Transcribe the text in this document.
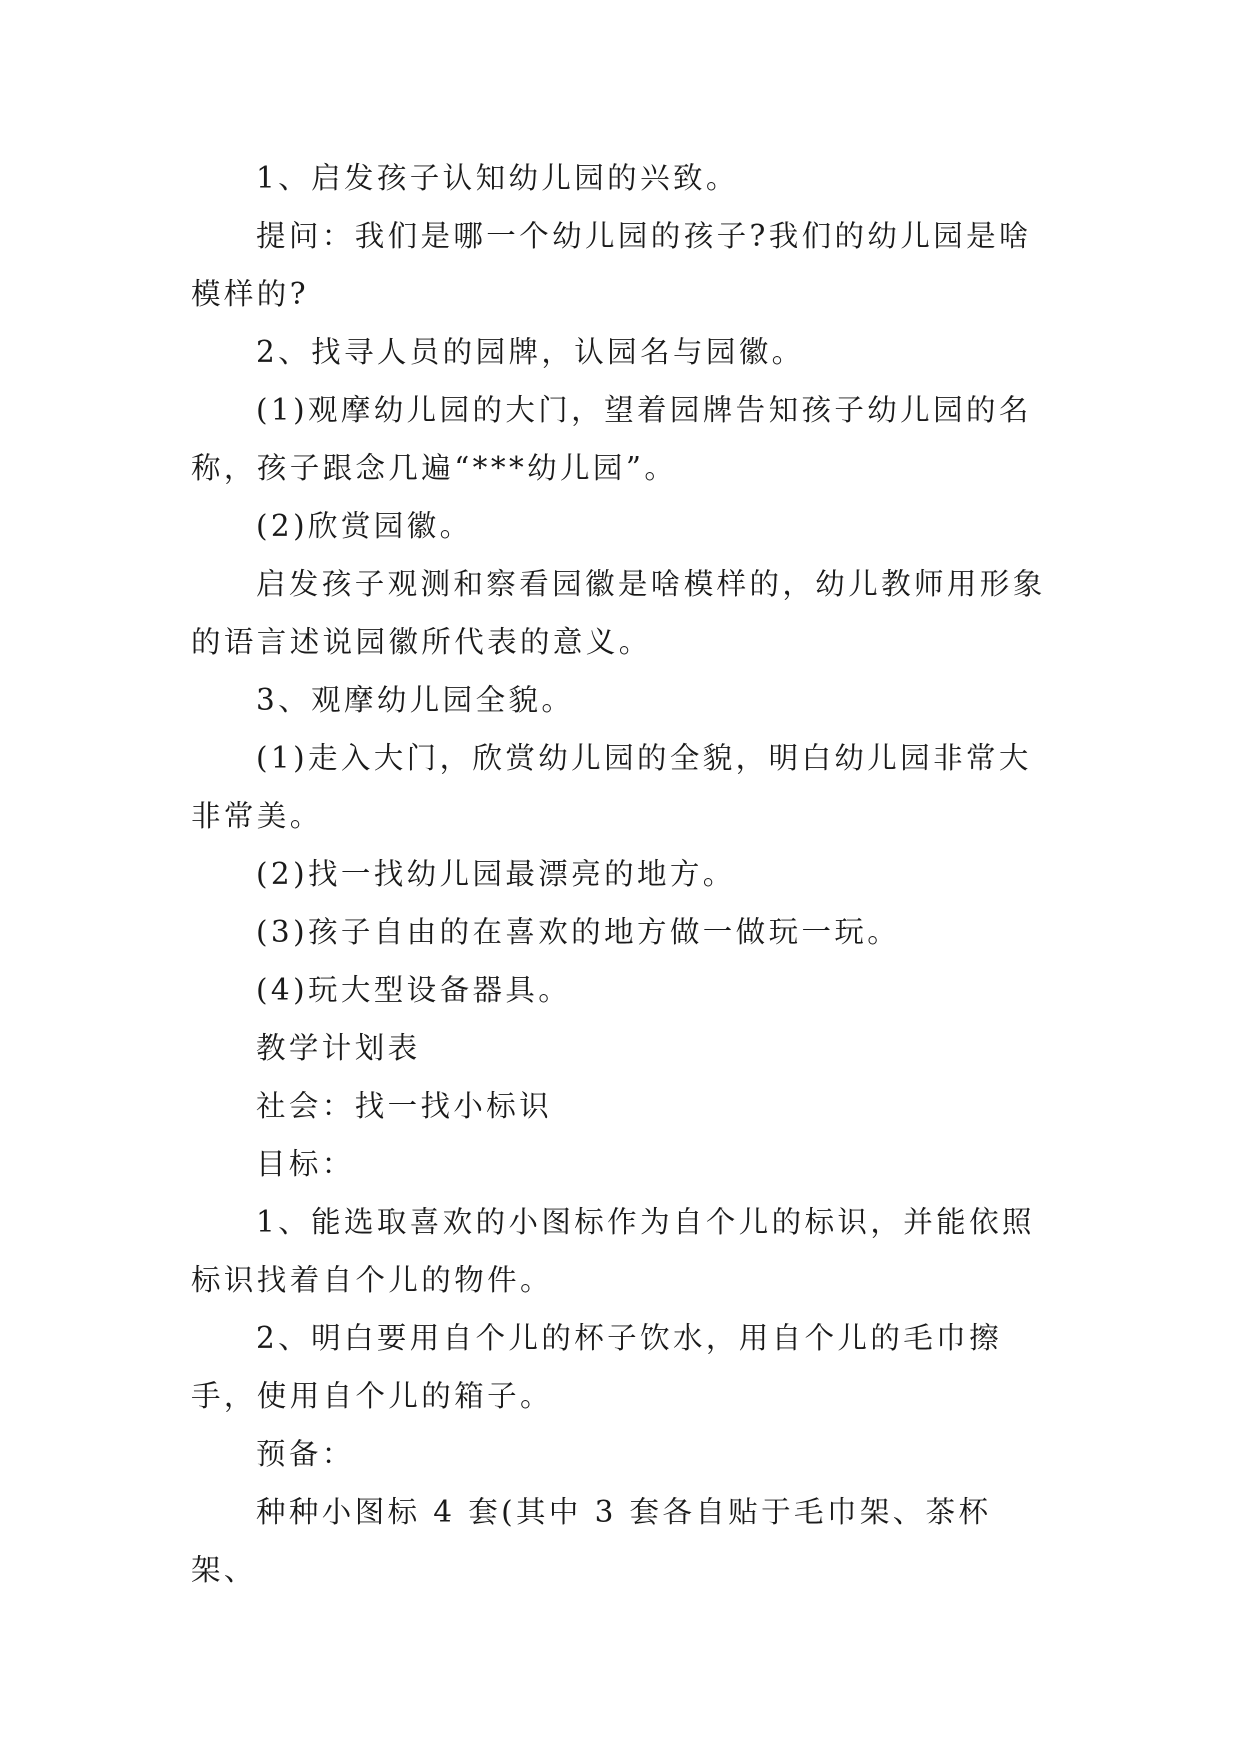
1、启发孩子认知幼儿园的兴致。

提问：我们是哪一个幼儿园的孩子?我们的幼儿园是啥模样的?

2、找寻人员的园牌，认园名与园徽。

(1)观摩幼儿园的大门，望着园牌告知孩子幼儿园的名称，孩子跟念几遍“***幼儿园”。

(2)欣赏园徽。

启发孩子观测和察看园徽是啥模样的，幼儿教师用形象的语言述说园徽所代表的意义。

3、观摩幼儿园全貌。

(1)走入大门，欣赏幼儿园的全貌，明白幼儿园非常大非常美。

(2)找一找幼儿园最漂亮的地方。

(3)孩子自由的在喜欢的地方做一做玩一玩。

(4)玩大型设备器具。

教学计划表

社会：找一找小标识

目标：

1、能选取喜欢的小图标作为自个儿的标识，并能依照标识找着自个儿的物件。

2、明白要用自个儿的杯子饮水，用自个儿的毛巾擦手，使用自个儿的箱子。

预备：

种种小图标 4 套(其中 3 套各自贴于毛巾架、茶杯架、
